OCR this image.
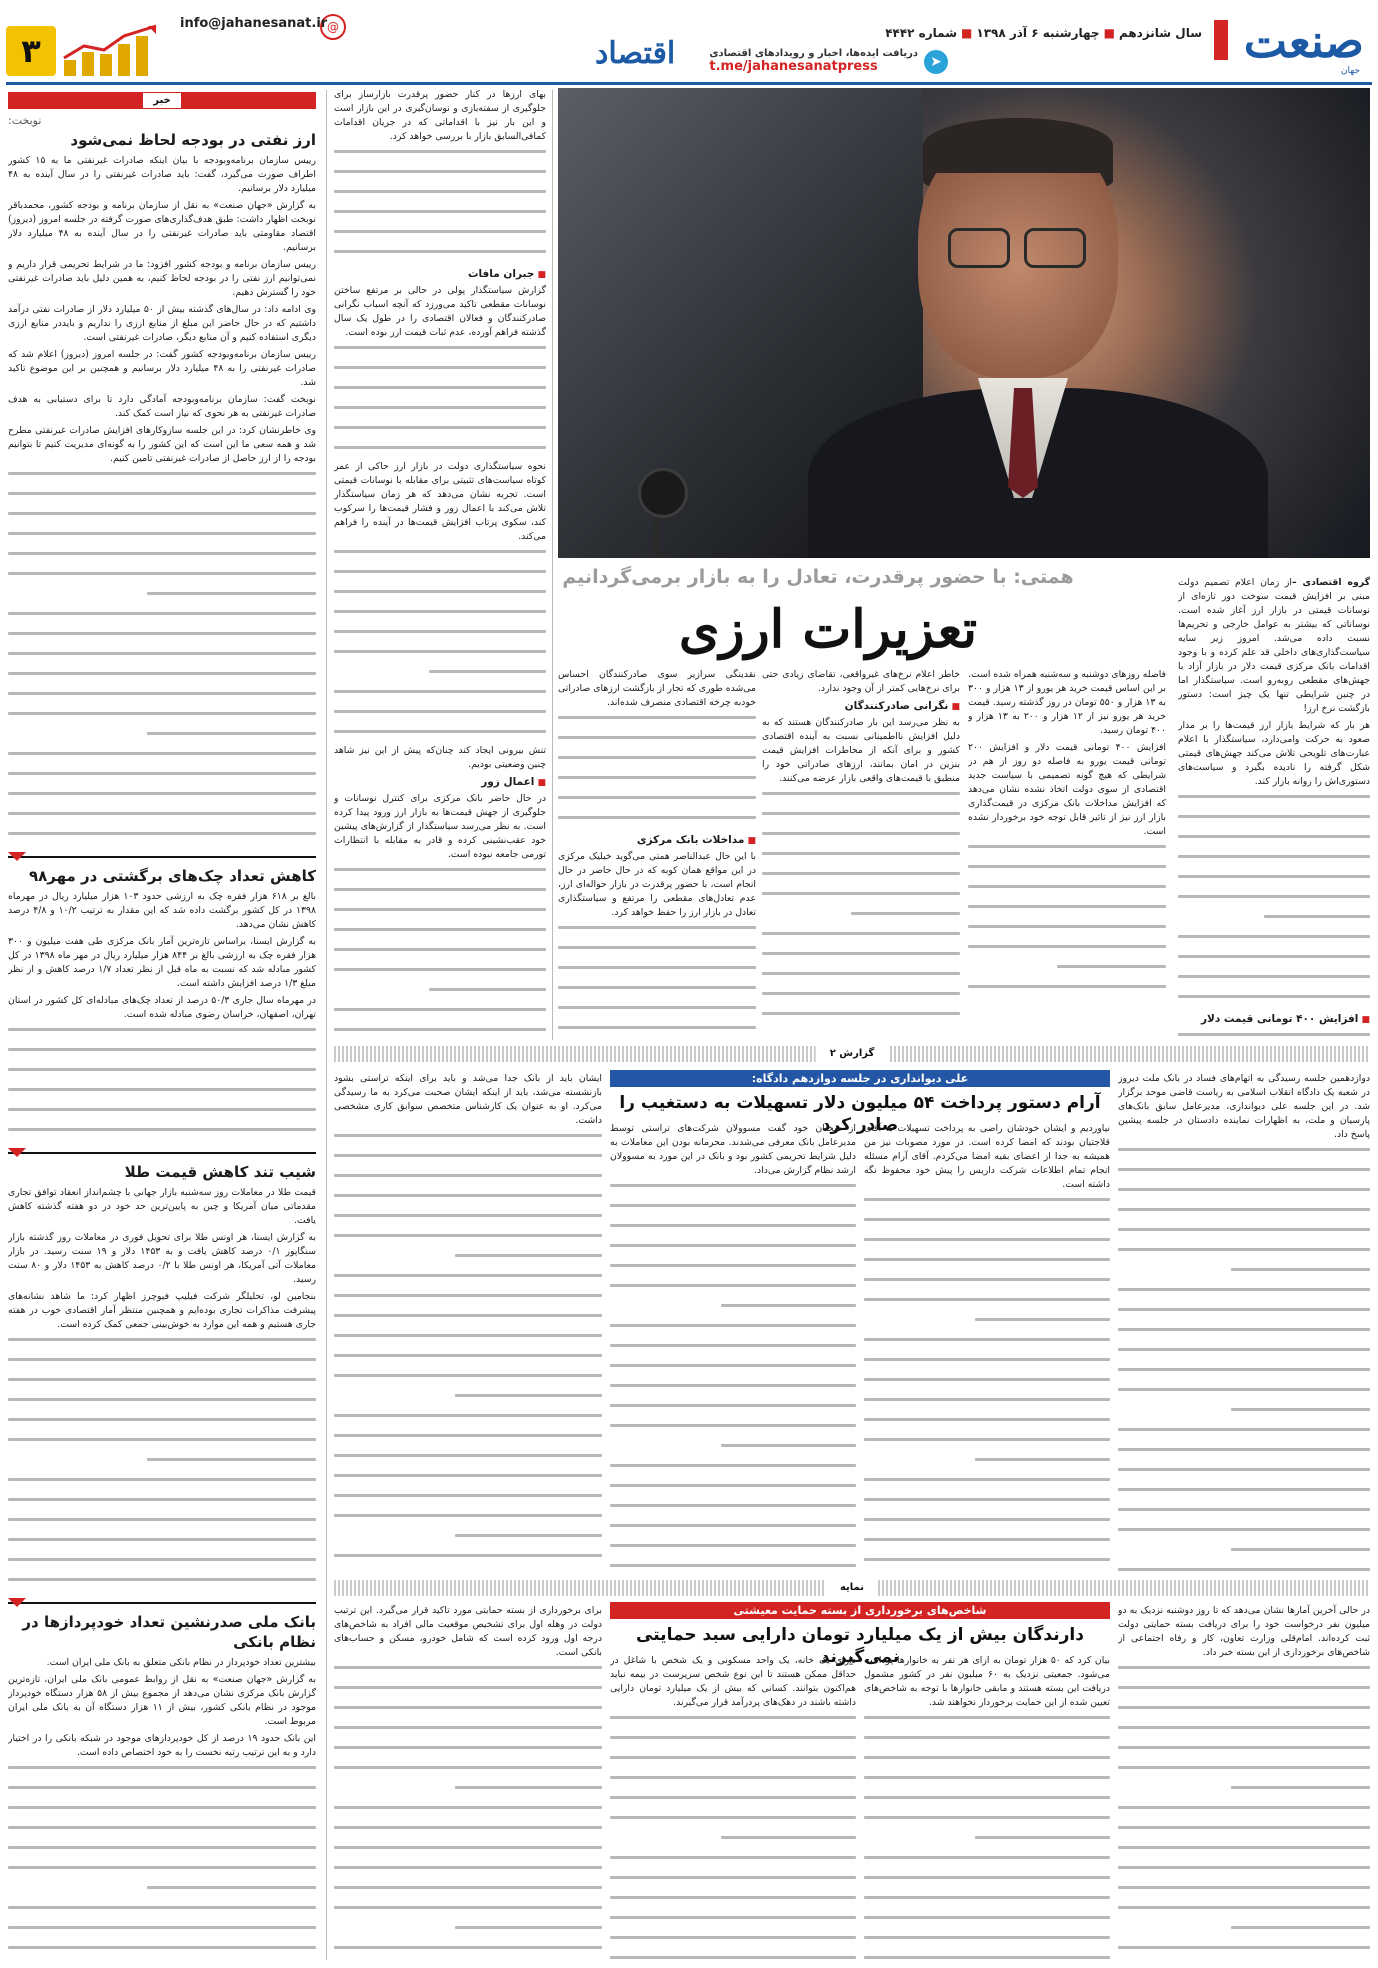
صنعت
جهان
سال شانزدهم■چهارشنبه ۶ آذر ۱۳۹۸■شماره ۴۴۴۲
➤
دریافت ایده‌ها، اخبار و رویدادهای اقتصادی
t.me/jahanesanatpress
اقتصاد
@
info@jahanesanat.ir
۳
خبر
نوبخت:
ارز نفتی در بودجه لحاظ نمی‌شود

رییس سازمان برنامه‌وبودجه با بیان اینکه صادرات غیرنفتی ما به ۱۵ کشور اطراف صورت می‌گیرد، گفت: باید صادرات غیرنفتی را در سال آینده به ۴۸ میلیارد دلار برسانیم.

به گزارش «جهان صنعت» به نقل از سازمان برنامه و بودجه کشور، محمدباقر نوبخت اظهار داشت: طبق هدف‌گذاری‌های صورت گرفته در جلسه امروز (دیروز) اقتصاد مقاومتی باید صادرات غیرنفتی را در سال آینده به ۴۸ میلیارد دلار برسانیم.

رییس سازمان برنامه و بودجه کشور افزود: ما در شرایط تحریمی قرار داریم و نمی‌توانیم ارز نفتی را در بودجه لحاظ کنیم، به همین دلیل باید صادرات غیرنفتی خود را گسترش دهیم.

وی ادامه داد: در سال‌های گذشته بیش از ۵۰ میلیارد دلار از صادرات نفتی درآمد داشتیم که در حال حاضر این مبلغ از منابع ارزی را نداریم و بایددر منابع ارزی دیگری استفاده کنیم و آن منابع دیگر، صادرات غیرنفتی است.

رییس سازمان برنامه‌وبودجه کشور گفت: در جلسه امروز (دیروز) اعلام شد که صادرات غیرنفتی را به ۴۸ میلیارد دلار برسانیم و همچنین بر این موضوع تاکید شد.

نوبخت گفت: سازمان برنامه‌وبودجه آمادگی دارد تا برای دستیابی به هدف صادرات غیرنفتی به هر نحوی که نیاز است کمک کند.

وی خاطرنشان کرد: در این جلسه سازوکارهای افزایش صادرات غیرنفتی مطرح شد و همه سعی ما این است که این کشور را به گونه‌ای مدیریت کنیم تا بتوانیم بودجه را از ارز حاصل از صادرات غیرنفتی تامین کنیم.

کاهش تعداد چک‌های برگشتی در مهر۹۸

بالغ بر ۶۱۸ هزار فقره چک به ارزشی حدود ۱۰۳ هزار میلیارد ریال در مهرماه ۱۳۹۸ در کل کشور برگشت داده شد که این مقدار به ترتیب ۱۰/۲ و ۴/۸ درصد کاهش نشان می‌دهد.

به گزارش ایسنا، براساس تازه‌ترین آمار بانک مرکزی طی هفت میلیون و ۳۰۰ هزار فقره چک به ارزشی بالغ بر ۸۴۴ هزار میلیارد ریال در مهر ماه ۱۳۹۸ در کل کشور مبادله شد که نسبت به ماه قبل از نظر تعداد ۱/۷ درصد کاهش و از نظر مبلغ ۱/۳ درصد افزایش داشته است.

در مهرماه سال جاری ۵۰/۳ درصد از تعداد چک‌های مبادله‌ای کل کشور در استان تهران، اصفهان، خراسان رضوی مبادله شده است.

شیب تند کاهش قیمت طلا

قیمت طلا در معاملات روز سه‌شنبه بازار جهانی با چشم‌انداز انعقاد توافق تجاری مقدماتی میان آمریکا و چین به پایین‌ترین حد خود در دو هفته گذشته کاهش یافت.

به گزارش ایسنا، هر اونس طلا برای تحویل فوری در معاملات روز گذشته بازار سنگاپور ۰/۱ درصد کاهش یافت و به ۱۴۵۳ دلار و ۱۹ سنت رسید. در بازار معاملات آتی آمریکا، هر اونس طلا با ۰/۲ درصد کاهش به ۱۴۵۳ دلار و ۸۰ سنت رسید.

بنجامین لو، تحلیلگر شرکت فیلیپ فیوچرز اظهار کرد: ما شاهد نشانه‌های پیشرفت مذاکرات تجاری بوده‌ایم و همچنین منتظر آمار اقتصادی خوب در هفته جاری هستیم و همه این موارد به خوش‌بینی جمعی کمک کرده است.

بانک ملی صدرنشین تعداد خودپردازها در نظام بانکی

بیشترین تعداد خودپرداز در نظام بانکی متعلق به بانک ملی ایران است.

به گزارش «جهان صنعت» به نقل از روابط عمومی بانک ملی ایران، تازه‌ترین گزارش بانک مرکزی نشان می‌دهد از مجموع بیش از ۵۸ هزار دستگاه خودپرداز موجود در نظام بانکی کشور، بیش از ۱۱ هزار دستگاه آن به بانک ملی ایران مربوط است.

این بانک حدود ۱۹ درصد از کل خودپردازهای موجود در شبکه بانکی را در اختیار دارد و به این ترتیب رتبه نخست را به خود اختصاص داده است.

گروه اقتصادی –از زمان اعلام تصمیم دولت مبنی بر افزایش قیمت سوخت دور تازه‌ای از نوسانات قیمتی در بازار ارز آغاز شده است. نوساناتی که بیشتر به عوامل خارجی و تحریم‌ها نسبت داده می‌شد. امروز زیر سایه سیاست‌گذاری‌های داخلی قد علم کرده و با وجود اقدامات بانک مرکزی قیمت دلار در بازار آزاد با جهش‌های مقطعی روبه‌رو است. سیاستگذار اما در چنین شرایطی تنها یک چیز است: دستور بازگشت نرخ ارز!

هر بار که شرایط بازار ارز قیمت‌ها را بر مدار صعود به حرکت وامی‌دارد، سیاستگذار با اعلام عبارت‌های تلویحی تلاش می‌کند جهش‌های قیمتی شکل گرفته را نادیده بگیرد و سیاست‌های دستوری‌اش را روانه بازار کند.

■ افزایش ۴۰۰ تومانی قیمت دلار
همتی: با حضور پرقدرت، تعادل را به بازار برمی‌گردانیم
تعزیرات ارزی

فاصله روزهای دوشنبه و سه‌شنبه همراه شده است. بر این اساس قیمت خرید هر یورو از ۱۳ هزار و ۳۰۰ به ۱۳ هزار و ۵۵۰ تومان در روز گذشته رسید. قیمت خرید هر یورو نیز از ۱۲ هزار و ۲۰۰ به ۱۳ هزار و ۴۰۰ تومان رسید.

افزایش ۴۰۰ تومانی قیمت دلار و افزایش ۲۰۰ تومانی قیمت یورو به فاصله دو روز از هم در شرایطی که هیچ گونه تصمیمی با سیاست جدید اقتصادی از سوی دولت اتخاذ نشده نشان می‌دهد که افزایش مداخلات بانک مرکزی در قیمت‌گذاری بازار ارز نیز از تاثیر قابل توجه خود برخوردار نشده است.

خاطر اعلام نرخ‌های غیرواقعی، تقاضای زیادی حتی برای نرخ‌هایی کمتر از آن وجود ندارد.

■ نگرانی صادرکنندگان

به نظر می‌رسد این بار صادرکنندگان هستند که به دلیل افزایش نااطمینانی نسبت به آینده اقتصادی کشور و برای آنکه از مخاطرات افزایش قیمت بنزین در امان بمانند، ارزهای صادراتی خود را منطبق با قیمت‌های واقعی بازار عرضه می‌کنند.

نقدینگی سرازیر سوی صادرکنندگان احساس می‌شده طوری که تجار از بازگشت ارزهای صادراتی خودبه چرخه اقتصادی منصرف شده‌اند.

■ مداخلات بانک مرکزی

با این حال عبدالناصر همتی می‌گوید خیلیک مرکزی در این مواقع همان کوبه که در حال حاضر در حال انجام است، با حضور پرقدرت در بازار حواله‌ای ارز، عدم تعادل‌های مقطعی را مرتفع و سیاستگذاری تعادل در بازار ارز را حفظ خواهد کرد.

بهای ارزها در کنار حضور پرقدرت بازارساز برای جلوگیری از سفته‌بازی و نوسان‌گیری در این بازار است و این بار نیز با اقداماتی که در جریان اقدامات کمافی‌السابق بازار با بررسی خواهد کرد.

■ جبران مافات

گزارش سیاستگذار پولی در حالی بر مرتفع ساختن نوسانات مقطعی تاکید می‌ورزد که آنچه اسباب نگرانی صادرکنندگان و فعالان اقتصادی را در طول یک سال گذشته فراهم آورده، عدم ثبات قیمت ارز بوده است.

نحوه سیاستگذاری دولت در بازار ارز حاکی از عمر کوتاه سیاست‌های تثبیتی برای مقابله با نوسانات قیمتی است. تجربه نشان می‌دهد که هر زمان سیاستگذار تلاش می‌کند با اعمال زور و فشار قیمت‌ها را سرکوب کند، سکوی پرتاب افزایش قیمت‌ها در آینده را فراهم می‌کند.

تنش بیرونی ایجاد کند چنان‌که پیش از این نیز شاهد چنین وضعیتی بودیم.

■ اعمال زور

در حال حاضر بانک مرکزی برای کنترل نوسانات و جلوگیری از جهش قیمت‌ها به بازار ارز ورود پیدا کرده است. به نظر می‌رسد سیاستگذار از گزارش‌های پیشین خود عقب‌نشینی کرده و قادر به مقابله با انتظارات تورمی جامعه نبوده است.

گزارش ۲
علی دیوانداری در جلسه دوازدهم دادگاه:
آرام دستور پرداخت ۵۴ میلیون دلار تسهیلات به دستغیب را صادر کرد

دوازدهمین جلسه رسیدگی به اتهام‌های فساد در بانک ملت دیروز در شعبه یک دادگاه انقلاب اسلامی به ریاست قاضی موحد برگزار شد. در این جلسه علی دیوانداری، مدیرعامل سابق بانک‌های پارسیان و ملت، به اظهارات نماینده دادستان در جلسه پیشین پاسخ داد.

نیاوردیم و ایشان خودشان راضی به پرداخت تسهیلات به آقای قلاجتیان بودند که امضا کرده است. در مورد مصوبات نیز من همیشه به جدا از اعضای بقیه امضا می‌کردم. آقای آرام مسئله انجام تمام اطلاعات شرکت داریس را پیش خود محفوظ نگه داشته است.

از سخنان خود گفت مسوولان شرکت‌های تراستی توسط مدیرعامل بانک معرفی می‌شدند. محرمانه بودن این معاملات به دلیل شرایط تحریمی کشور بود و بانک در این مورد به مسوولان ارشد نظام گزارش می‌داد.

ایشان باید از بانک جدا می‌شد و باید برای اینکه تراستی بشود بازنشسته می‌شد، باید از اینکه ایشان صحبت می‌کرد به ما رسیدگی می‌کرد. او به عنوان یک کارشناس متخصص سوابق کاری مشخصی داشت.

نمایه
شاخص‌های برخورداری از بسته حمایت معیشتی
دارندگان بیش از یک میلیارد تومان دارایی سبد حمایتی نمی‌گیرند

در حالی آخرین آمارها نشان می‌دهد که تا روز دوشنبه نزدیک به دو میلیون نفر درخواست خود را برای دریافت بسته حمایتی دولت ثبت کرده‌اند. امام‌قلی وزارت تعاون، کار و رفاه اجتماعی از شاخص‌های برخورداری از این بسته خبر داد.

بیان کرد که ۵۰ هزار تومان به ازای هر نفر به خانوارها پرداخت می‌شود. جمعیتی نزدیک به ۶۰ میلیون نفر در کشور مشمول دریافت این بسته هستند و مابقی خانوارها با توجه به شاخص‌های تعیین شده از این حمایت برخوردار نخواهند شد.

دارای یک خانه، یک واحد مسکونی و یک شخص با شاغل در حداقل ممکن هستند تا این نوع شخص سرپرست در بیمه نباید هم‌اکنون بتوانند. کسانی که بیش از یک میلیارد تومان دارایی داشته باشند در دهک‌های پردرآمد قرار می‌گیرند.

برای برخورداری از بسته حمایتی مورد تاکید قرار می‌گیرد. این ترتیب دولت در وهله اول برای تشخیص موقعیت مالی افراد به شاخص‌های درجه اول ورود کرده است که شامل خودرو، مسکن و حساب‌های بانکی است.
